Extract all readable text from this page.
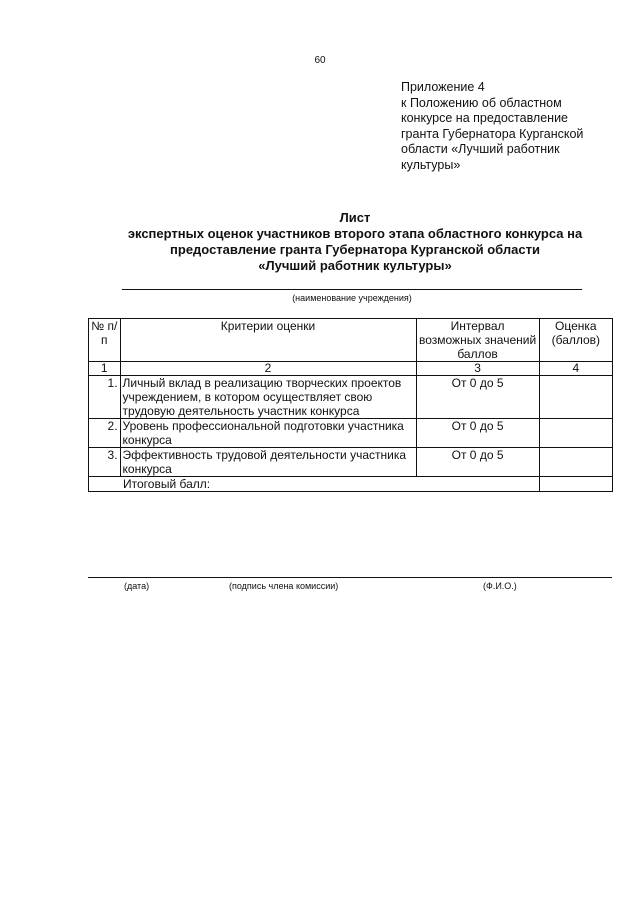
60
Приложение 4
к Положению об областном
конкурсе на предоставление
гранта Губернатора Курганской
области «Лучший работник
культуры»
Лист
экспертных оценок участников второго этапа областного конкурса на
предоставление гранта Губернатора Курганской области
«Лучший работник культуры»
(наименование учреждения)
№ п/п	Критерии оценки	Интервал возможных значений баллов	Оценка (баллов)
1	2	3	4
1.	Личный вклад в реализацию творческих проектов учреждением, в котором осуществляет свою трудовую деятельность участник конкурса	От 0 до 5	
2.	Уровень профессиональной подготовки участника конкурса	От 0 до 5	
3.	Эффективность трудовой деятельности участника конкурса	От 0 до 5	
Итоговый балл:			
(дата)	(подпись члена комиссии)	(Ф.И.О.)
